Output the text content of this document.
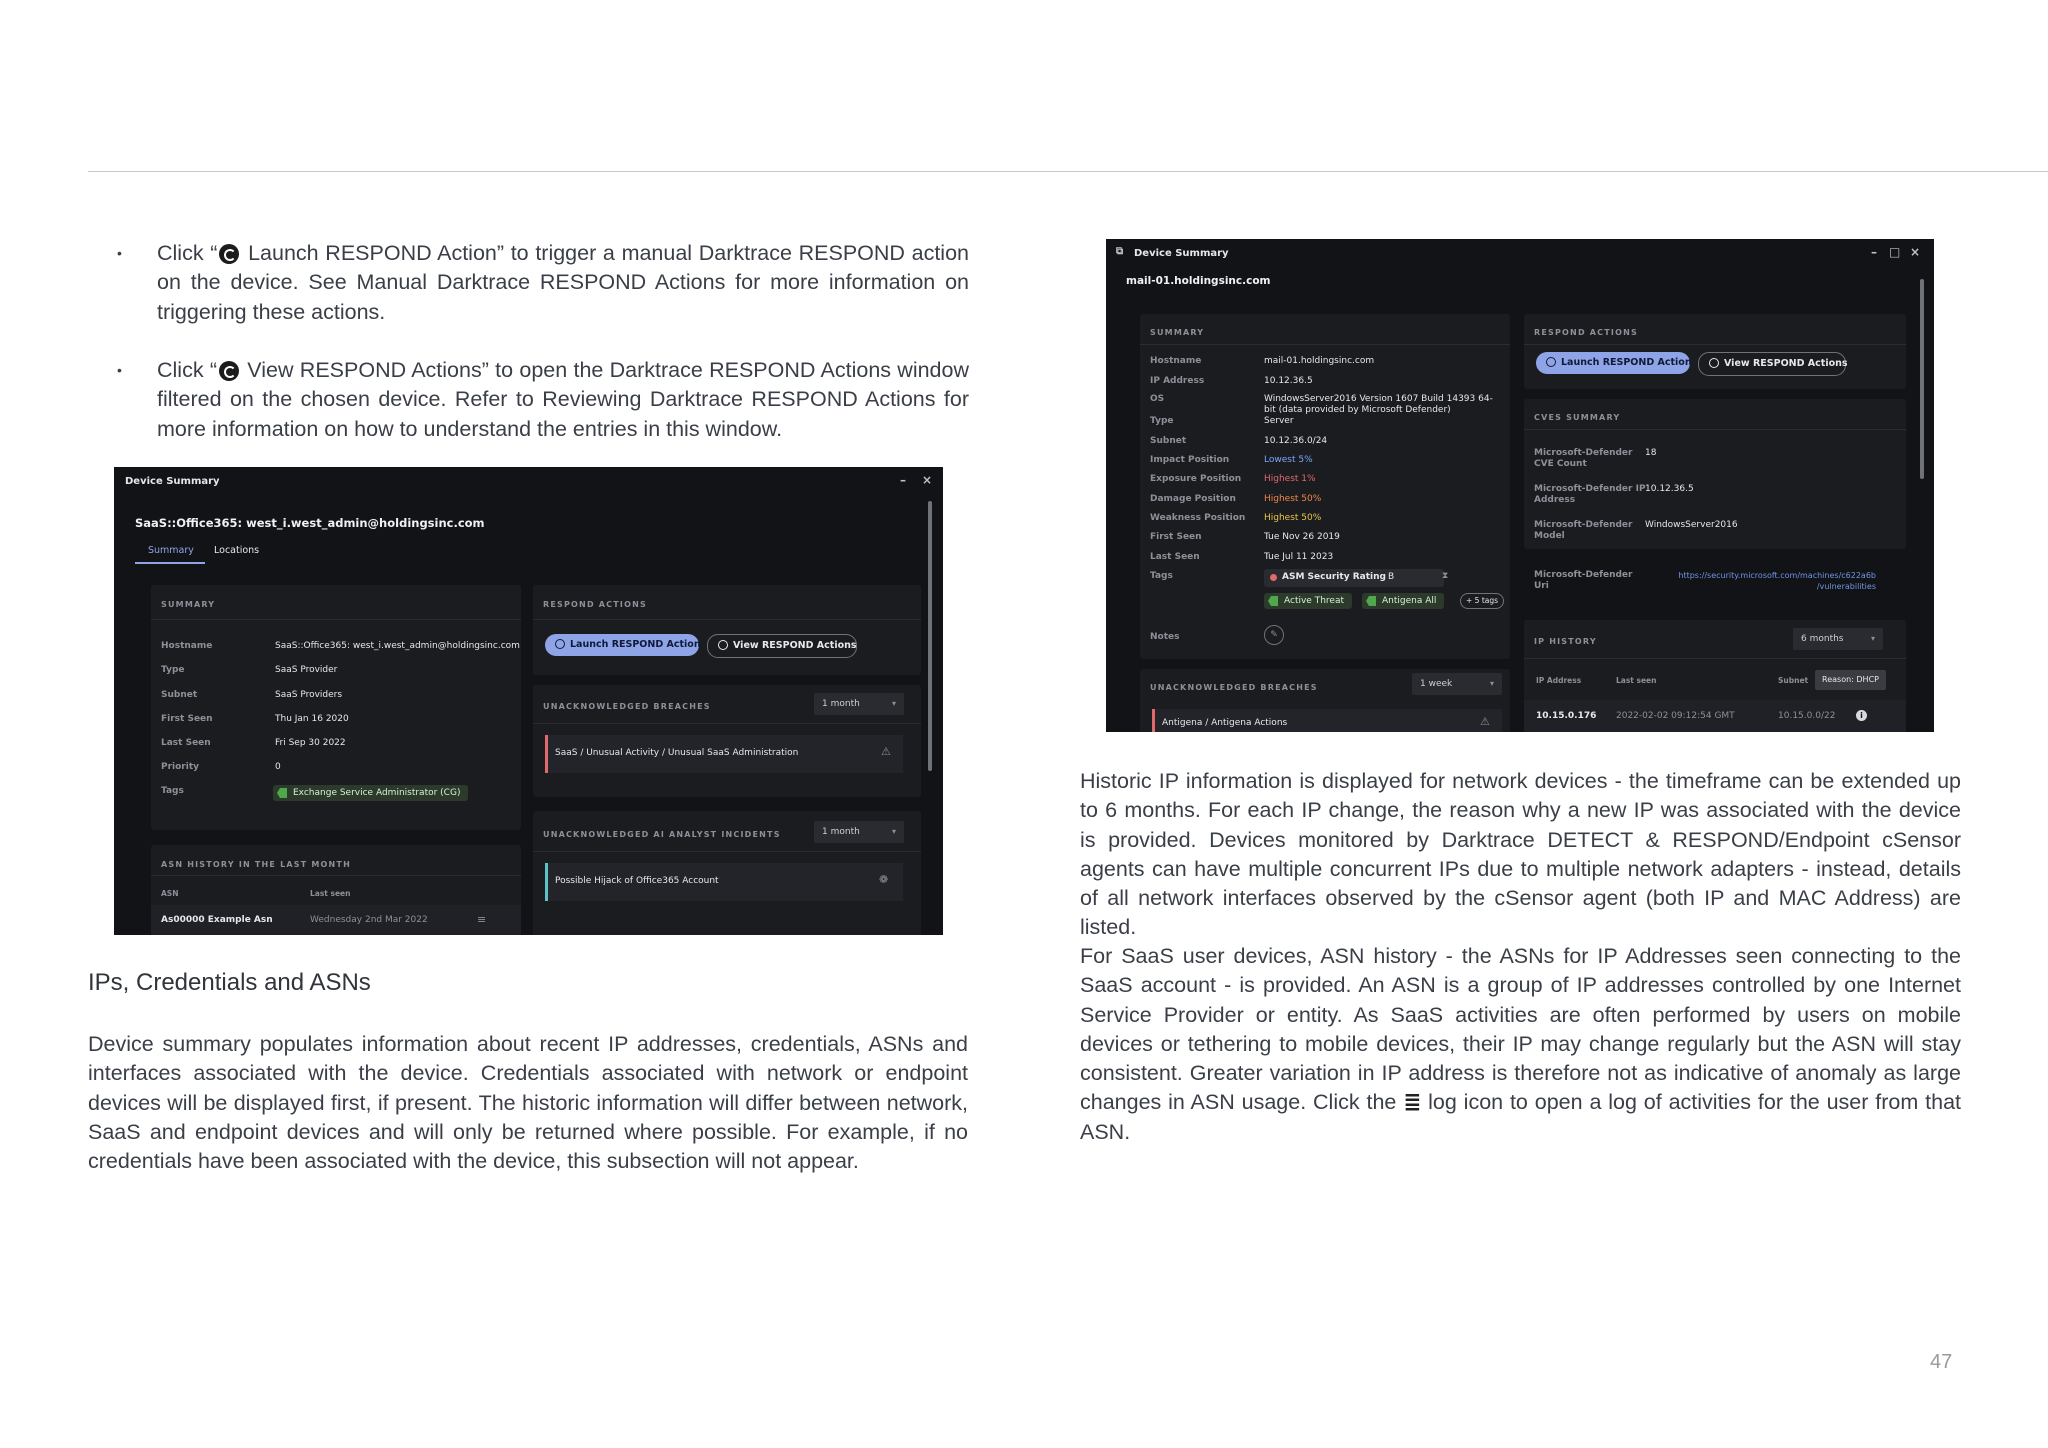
• Click “ Launch RESPOND Action” to trigger a manual Darktrace RESPOND action on the device. See Manual Darktrace RESPOND Actions for more information on triggering these actions.
• Click “ View RESPOND Actions” to open the Darktrace RESPOND Actions window filtered on the chosen device. Refer to Reviewing Darktrace RESPOND Actions for more information on how to understand the entries in this window.
Device Summary	– ×
SaaS::Office365: west_i.west_admin@holdingsinc.com
Summary	Locations
SUMMARY
Hostname	SaaS::Office365: west_i.west_admin@holdingsinc.com
Type	SaaS Provider
Subnet	SaaS Providers
First Seen	Thu Jan 16 2020
Last Seen	Fri Sep 30 2022
Priority	0
Tags	Exchange Service Administrator (CG)
ASN HISTORY IN THE LAST MONTH
ASN	Last seen
As00000 Example Asn	Wednesday 2nd Mar 2022	≡
RESPOND ACTIONS
Launch RESPOND Action	View RESPOND Actions
UNACKNOWLEDGED BREACHES	1 month	▾
SaaS / Unusual Activity / Unusual SaaS Administration	⚠
UNACKNOWLEDGED AI ANALYST INCIDENTS	1 month	▾
Possible Hijack of Office365 Account	❁
IPs, Credentials and ASNs
Device summary populates information about recent IP addresses, credentials, ASNs and interfaces associated with the device. Credentials associated with network or endpoint devices will be displayed first, if present. The historic information will differ between network, SaaS and endpoint devices and will only be returned where possible. For example, if no credentials have been associated with the device, this subsection will not appear.
⧉ Device Summary	– □ ×
mail-01.holdingsinc.com
SUMMARY
Hostname	mail-01.holdingsinc.com
IP Address	10.12.36.5
OS	WindowsServer2016 Version 1607 Build 14393 64-bit (data provided by Microsoft Defender)
Type	Server
Subnet	10.12.36.0/24
Impact Position	Lowest 5%
Exposure Position	Highest 1%
Damage Position	Highest 50%
Weakness Position Highest 50%
First Seen	Tue Nov 26 2019
Last Seen	Tue Jul 11 2023
Tags	ASM Security Rating B	⧗
Active Threat	Antigena All	+ 5 tags
Notes	✎
UNACKNOWLEDGED BREACHES	1 week	▾
Antigena / Antigena Actions	⚠
RESPOND ACTIONS
Launch RESPOND Action	View RESPOND Actions
CVES SUMMARY
Microsoft-Defender CVE Count
18
Microsoft-Defender IP Address
10.12.36.5
Microsoft-Defender Model
WindowsServer2016
Microsoft-Defender Uri
https://security.microsoft.com/machines/c622a6b /vulnerabilities
IP HISTORY	6 months	▾
IP Address	Last seen	Subnet	Reason: DHCP
10.15.0.176 2022-02-02 09:12:54 GMT	10.15.0.0/22	i
Historic IP information is displayed for network devices - the timeframe can be extended up to 6 months. For each IP change, the reason why a new IP was associated with the device is provided. Devices monitored by Darktrace DETECT & RESPOND/Endpoint cSensor agents can have multiple concurrent IPs due to multiple network adapters - instead, details of all network interfaces observed by the cSensor agent (both IP and MAC Address) are listed.
For SaaS user devices, ASN history - the ASNs for IP Addresses seen connecting to the SaaS account - is provided. An ASN is a group of IP addresses controlled by one Internet Service Provider or entity. As SaaS activities are often performed by users on mobile devices or tethering to mobile devices, their IP may change regularly but the ASN will stay consistent. Greater variation in IP address is therefore not as indicative of anomaly as large changes in ASN usage. Click the ≣ log icon to open a log of activities for the user from that ASN.
47
